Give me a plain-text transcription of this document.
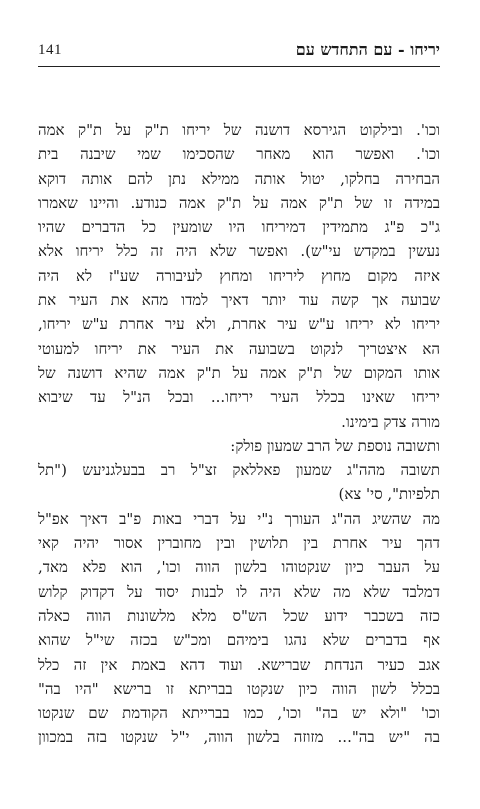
141	יריחו - עם התחדש עם
וכו'. ובילקוט הגירסא דושנה של יריחו ת"ק על ת"ק אמה
וכו'. ואפשר הוא מאחר שהסכימו שמי שיבנה בית
הבחירה בחלקו, יטול אותה ממילא נתן להם אותה דוקא
במידה זו של ת"ק אמה על ת"ק אמה כנודע. והיינו שאמרו
ג"כ פ"ג מתמידין דמיריחו היו שומעין כל הדברים שהיו
נעשין במקדש עי"ש). ואפשר שלא היה זה כלל יריחו אלא
איזה מקום מחוץ ליריחו ומחוץ לעיבורה שע"ז לא היה
שבועה אך קשה עוד יותר דאיך למדו מהא את העיר את
יריחו לא יריחו ע"ש עיר אחרת, ולא עיר אחרת ע"ש יריחו,
הא איצטריך לנקוט בשבועה את העיר את יריחו למעוטי
אותו המקום של ת"ק אמה על ת"ק אמה שהיא דושנה של
יריחו שאינו בכלל העיר יריחו... ובכל הנ"ל עד שיבוא
מורה צדק בימינו.
ותשובה נוספת של הרב שמעון פולק:
תשובה מהה"ג שמעון פאללאק זצ"ל רב בבעלגניעש ("תל
תלפיות", סי' צא)
מה שהשיג הה"ג העורך נ"י על דברי באות פ"ב דאיך אפ"ל
דהך עיר אחרת בין תלושין ובין מחוברין אסור יהיה קאי
על העבר כיון שנקטוהו בלשון הווה וכו', הוא פלא מאד,
דמלבד שלא מה שלא היה לו לבנות יסוד על דקדוק קלוש
כזה בשכבר ידוע שכל הש"ס מלא מלשונות הווה כאלה
אף בדברים שלא נהגו בימיהם ומכ"ש בכזה שי"ל שהוא
אגב כעיר הנדחת שברישא. ועוד דהא באמת אין זה כלל
בכלל לשון הווה כיון שנקטו בבריתא זו ברישא "היו בה"
וכו' "ולא יש בה" וכו', כמו בברייתא הקודמת שם שנקטו
בה "יש בה"... מזוזה בלשון הווה, י"ל שנקטו בזה במכוון
